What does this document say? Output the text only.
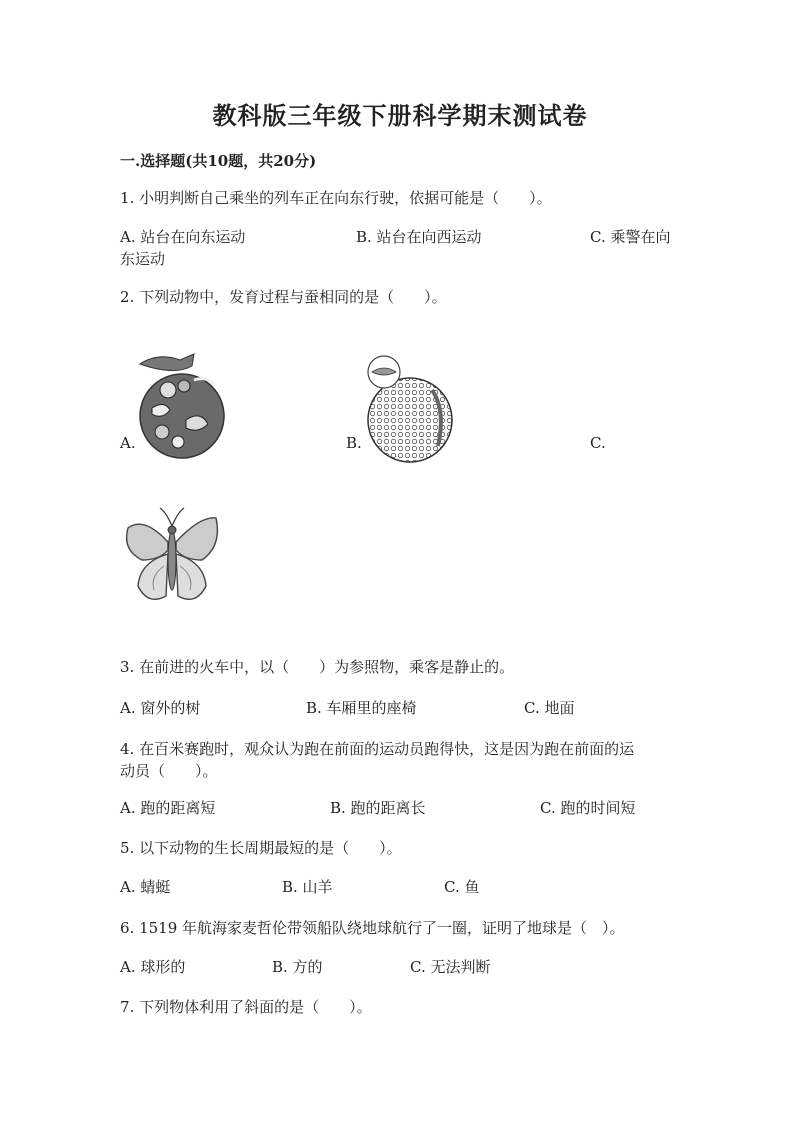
教科版三年级下册科学期末测试卷
一.选择题(共10题，共20分)
1. 小明判断自己乘坐的列车正在向东行驶，依据可能是（　　）。
A. 站台在向东运动	B. 站台在向西运动	C. 乘警在向
东运动
2. 下列动物中，发育过程与蚕相同的是（　　）。
A.	B.	C.
3. 在前进的火车中，以（　　）为参照物，乘客是静止的。
A. 窗外的树	B. 车厢里的座椅	C. 地面
4. 在百米赛跑时，观众认为跑在前面的运动员跑得快，这是因为跑在前面的运
动员（　　）。
A. 跑的距离短	B. 跑的距离长	C. 跑的时间短
5. 以下动物的生长周期最短的是（　　）。
A. 蜻蜓	B. 山羊	C. 鱼
6. 1519 年航海家麦哲伦带领船队绕地球航行了一圈，证明了地球是（　）。
A. 球形的	B. 方的	C. 无法判断
7. 下列物体利用了斜面的是（　　）。
